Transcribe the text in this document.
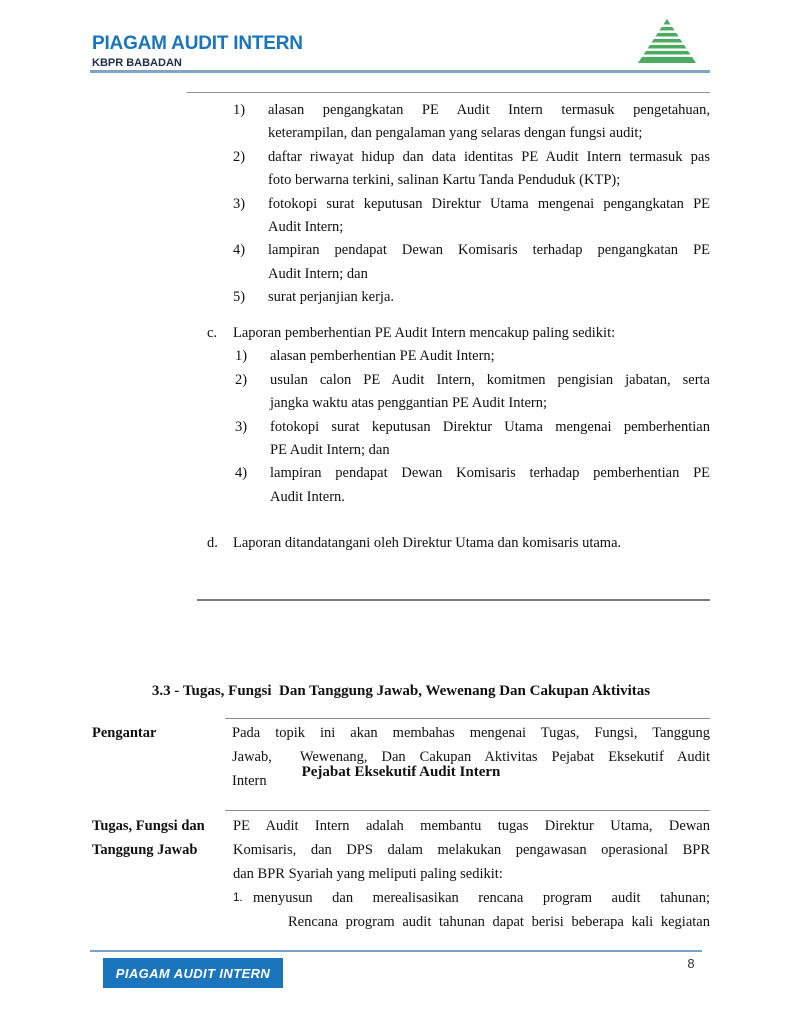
PIAGAM AUDIT INTERN
KBPR BABADAN
1)	alasan pengangkatan PE Audit Intern termasuk pengetahuan,
keterampilan, dan pengalaman yang selaras dengan fungsi audit;
2)	daftar riwayat hidup dan data identitas PE Audit Intern termasuk pas
foto berwarna terkini, salinan Kartu Tanda Penduduk (KTP);
3)	fotokopi surat keputusan Direktur Utama mengenai pengangkatan PE
Audit Intern;
4)	lampiran pendapat Dewan Komisaris terhadap pengangkatan PE
Audit Intern; dan
5)	surat perjanjian kerja.
c.	Laporan pemberhentian PE Audit Intern mencakup paling sedikit:
1)	alasan pemberhentian PE Audit Intern;
2)	usulan calon PE Audit Intern, komitmen pengisian jabatan, serta
jangka waktu atas penggantian PE Audit Intern;
3)	fotokopi surat keputusan Direktur Utama mengenai pemberhentian
PE Audit Intern; dan
4)	lampiran pendapat Dewan Komisaris terhadap pemberhentian PE
Audit Intern.
d.	Laporan ditandatangani oleh Direktur Utama dan komisaris utama.

3.3 - Tugas, Fungsi  Dan Tanggung Jawab, Wewenang Dan Cakupan Aktivitas

Pejabat Eksekutif Audit Intern

Pengantar	Pada topik ini akan membahas mengenai Tugas, Fungsi, Tanggung
Jawab,  Wewenang, Dan Cakupan Aktivitas Pejabat Eksekutif Audit
Intern
Tugas, Fungsi dan
Tanggung Jawab
PE Audit Intern adalah membantu tugas Direktur Utama, Dewan
Komisaris, dan DPS dalam melakukan pengawasan operasional BPR
dan BPR Syariah yang meliputi paling sedikit:
1. menyusun dan merealisasikan rencana program audit tahunan;
Rencana program audit tahunan dapat berisi beberapa kali kegiatan
PIAGAM AUDIT INTERN
8
